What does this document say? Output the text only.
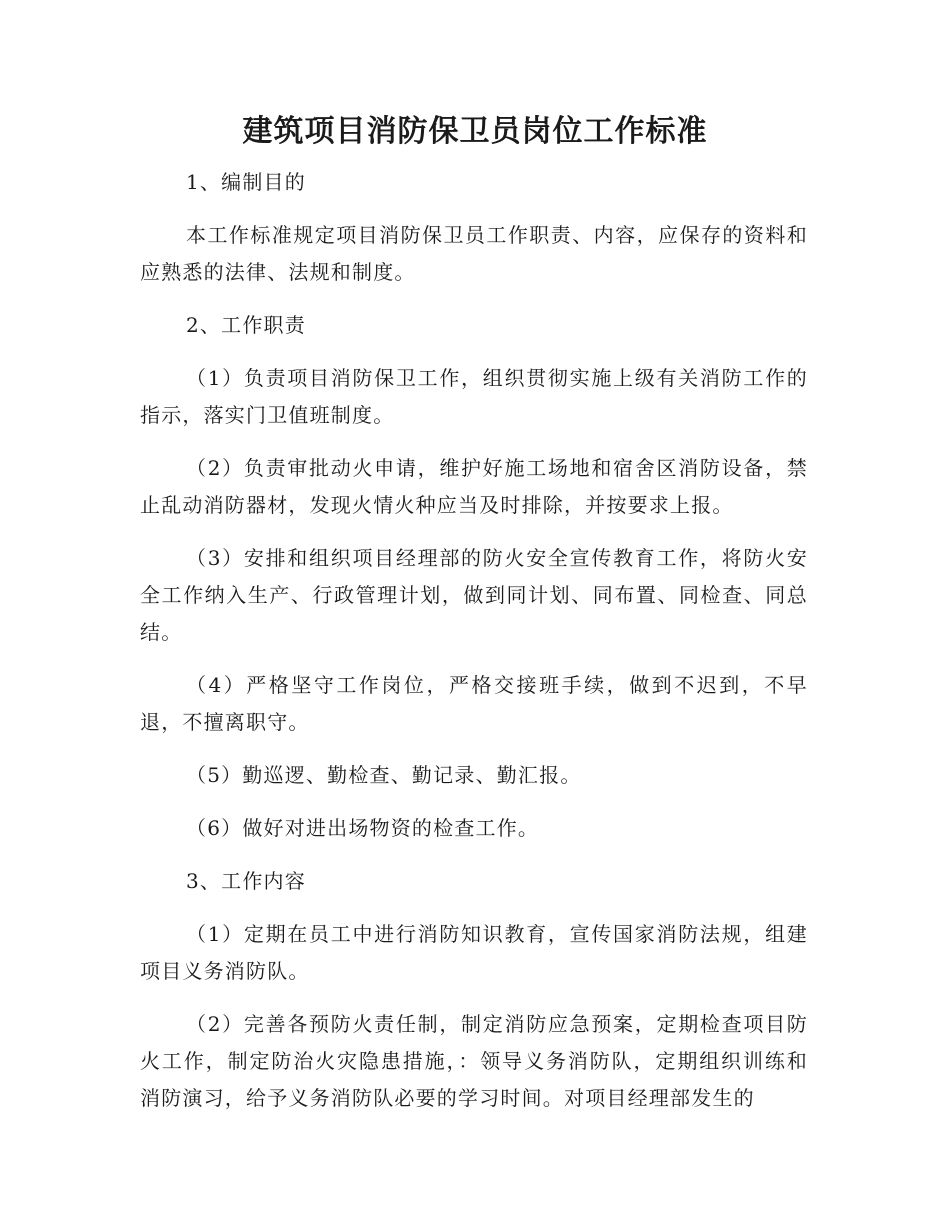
建筑项目消防保卫员岗位工作标准

1、编制目的

本工作标准规定项目消防保卫员工作职责、内容，应保存的资料和应熟悉的法律、法规和制度。

2、工作职责

（1）负责项目消防保卫工作，组织贯彻实施上级有关消防工作的指示，落实门卫值班制度。

（2）负责审批动火申请，维护好施工场地和宿舍区消防设备，禁止乱动消防器材，发现火情火种应当及时排除，并按要求上报。

（3）安排和组织项目经理部的防火安全宣传教育工作，将防火安全工作纳入生产、行政管理计划，做到同计划、同布置、同检查、同总结。

（4）严格坚守工作岗位，严格交接班手续，做到不迟到，不早退，不擅离职守。

（5）勤巡逻、勤检查、勤记录、勤汇报。

（6）做好对进出场物资的检查工作。

3、工作内容

（1）定期在员工中进行消防知识教育，宣传国家消防法规，组建项目义务消防队。

（2）完善各预防火责任制，制定消防应急预案，定期检查项目防火工作，制定防治火灾隐患措施，：领导义务消防队，定期组织训练和消防演习，给予义务消防队必要的学习时间。对项目经理部发生的
